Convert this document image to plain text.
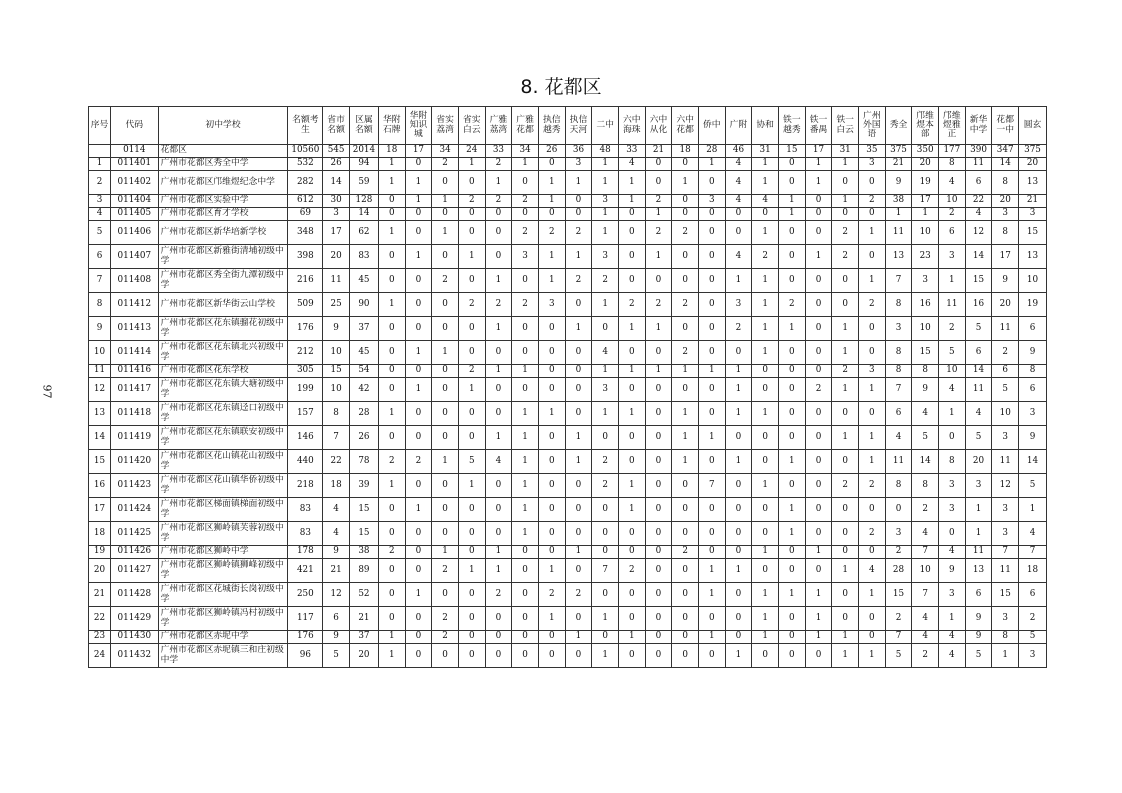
8. 花都区
97
序号	代码	初中学校	名额考生	省市名额	区属名额	华附石牌	华附知识城	省实荔湾	省实白云	广雅荔湾	广雅花都	执信越秀	执信天河	二中	六中海珠	六中从化	六中花都	侨中	广附	协和	铁一越秀	铁一番禺	铁一白云	广州外国语	秀全	邝维煜本部	邝维煜雅正	新华中学	花都一中	圆玄
	0114	花都区	10560	545	2014	18	17	34	24	33	34	26	36	48	33	21	18	28	46	31	15	17	31	35	375	350	177	390	347	375
1	011401	广州市花都区秀全中学	532	26	94	1	0	2	1	2	1	0	3	1	4	0	0	1	4	1	0	1	1	3	21	20	8	11	14	20
2	011402	广州市花都区邝维煜纪念中学	282	14	59	1	1	0	0	1	0	1	1	1	1	0	1	0	4	1	0	1	0	0	9	19	4	6	8	13
3	011404	广州市花都区实验中学	612	30	128	0	1	1	2	2	2	1	0	3	1	2	0	3	4	4	1	0	1	2	38	17	10	22	20	21
4	011405	广州市花都区育才学校	69	3	14	0	0	0	0	0	0	0	0	1	0	1	0	0	0	0	1	0	0	0	1	1	2	4	3	3
5	011406	广州市花都区新华培新学校	348	17	62	1	0	1	0	0	2	2	2	1	0	2	2	0	0	1	0	0	2	1	11	10	6	12	8	15
6	011407	广州市花都区新雅街清埔初级中学	398	20	83	0	1	0	1	0	3	1	1	3	0	1	0	0	4	2	0	1	2	0	13	23	3	14	17	13
7	011408	广州市花都区秀全街九潭初级中学	216	11	45	0	0	2	0	1	0	1	2	2	0	0	0	0	1	1	0	0	0	1	7	3	1	15	9	10
8	011412	广州市花都区新华街云山学校	509	25	90	1	0	0	2	2	2	3	0	1	2	2	2	0	3	1	2	0	0	2	8	16	11	16	20	19
9	011413	广州市花都区花东镇骝花初级中学	176	9	37	0	0	0	0	1	0	0	1	0	1	1	0	0	2	1	1	0	1	0	3	10	2	5	11	6
10	011414	广州市花都区花东镇北兴初级中学	212	10	45	0	1	1	0	0	0	0	0	4	0	0	2	0	0	1	0	0	1	0	8	15	5	6	2	9
11	011416	广州市花都区花东学校	305	15	54	0	0	0	2	1	1	0	0	1	1	1	1	1	1	0	0	0	2	3	8	8	10	14	6	8
12	011417	广州市花都区花东镇大塘初级中学	199	10	42	0	1	0	1	0	0	0	0	3	0	0	0	0	1	0	0	2	1	1	7	9	4	11	5	6
13	011418	广州市花都区花东镇迳口初级中学	157	8	28	1	0	0	0	0	1	1	0	1	1	0	1	0	1	1	0	0	0	0	6	4	1	4	10	3
14	011419	广州市花都区花东镇联安初级中学	146	7	26	0	0	0	0	1	1	0	1	0	0	0	1	1	0	0	0	0	1	1	4	5	0	5	3	9
15	011420	广州市花都区花山镇花山初级中学	440	22	78	2	2	1	5	4	1	0	1	2	0	0	1	0	1	0	1	0	0	1	11	14	8	20	11	14
16	011423	广州市花都区花山镇华侨初级中学	218	18	39	1	0	0	1	0	1	0	0	2	1	0	0	7	0	1	0	0	2	2	8	8	3	3	12	5
17	011424	广州市花都区梯面镇梯面初级中学	83	4	15	0	1	0	0	0	1	0	0	0	1	0	0	0	0	0	1	0	0	0	0	2	3	1	3	1
18	011425	广州市花都区狮岭镇芙蓉初级中学	83	4	15	0	0	0	0	0	1	0	0	0	0	0	0	0	0	0	1	0	0	2	3	4	0	1	3	4
19	011426	广州市花都区狮岭中学	178	9	38	2	0	1	0	1	0	0	1	0	0	0	2	0	0	1	0	1	0	0	2	7	4	11	7	7
20	011427	广州市花都区狮岭镇狮峰初级中学	421	21	89	0	0	2	1	1	0	1	0	7	2	0	0	1	1	0	0	0	1	4	28	10	9	13	11	18
21	011428	广州市花都区花城街长岗初级中学	250	12	52	0	1	0	0	2	0	2	2	0	0	0	0	1	0	1	1	1	0	1	15	7	3	6	15	6
22	011429	广州市花都区狮岭镇冯村初级中学	117	6	21	0	0	2	0	0	0	1	0	1	0	0	0	0	0	1	0	1	0	0	2	4	1	9	3	2
23	011430	广州市花都区赤坭中学	176	9	37	1	0	2	0	0	0	0	1	0	1	0	0	1	0	1	0	1	1	0	7	4	4	9	8	5
24	011432	广州市花都区赤坭镇三和庄初级中学	96	5	20	1	0	0	0	0	0	0	0	1	0	0	0	0	1	0	0	0	1	1	5	2	4	5	1	3
